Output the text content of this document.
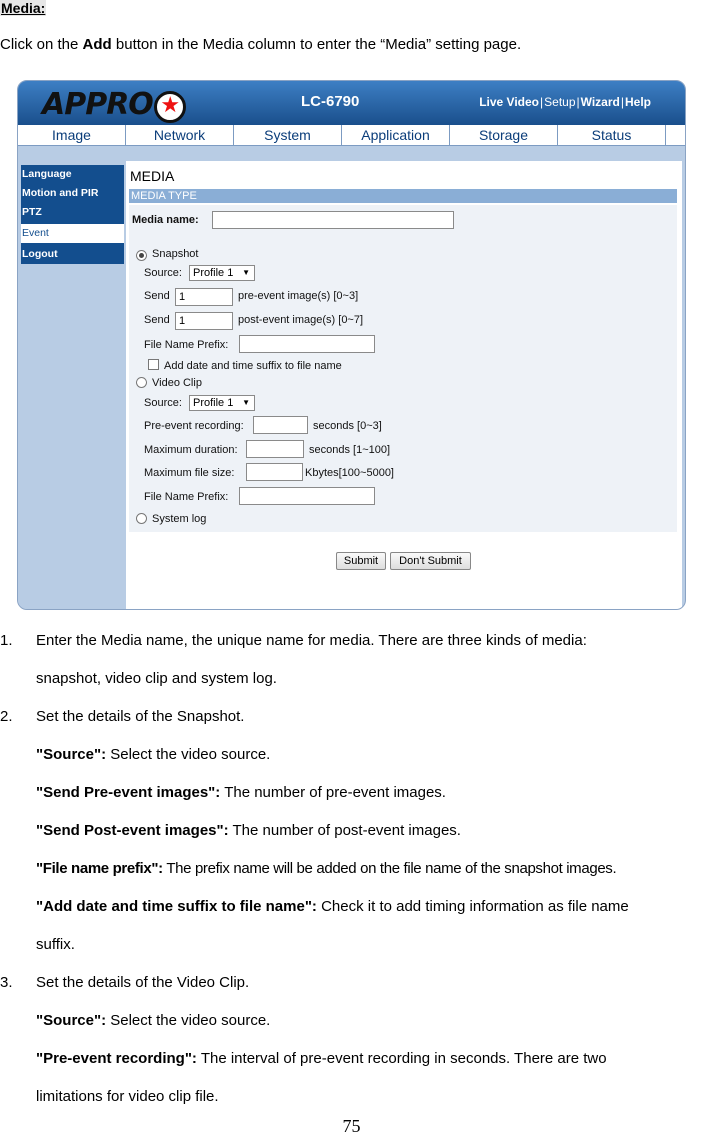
Media:
Click on the Add button in the Media column to enter the “Media” setting page.
APPRO ★	LC-6790	Live Video|Setup|Wizard|Help
Image	Network	System	Application	Storage	Status
Language
Motion and PIR
PTZ
Event
Logout
MEDIA
MEDIA TYPE
Media name:
Snapshot
Source:	Profile 1 ▼
Send 1	pre-event image(s) [0~3]
Send 1	post-event image(s) [0~7]
File Name Prefix:
Add date and time suffix to file name
Video Clip
Source:	Profile 1 ▼
Pre-event recording:	seconds [0~3]
Maximum duration:	seconds [1~100]
Maximum file size:	Kbytes[100~5000]
File Name Prefix:
System log
Submit	Don't Submit
1. Enter the Media name, the unique name for media. There are three kinds of media:
snapshot, video clip and system log.
2. Set the details of the Snapshot.
"Source": Select the video source.
"Send Pre-event images": The number of pre-event images.
"Send Post-event images": The number of post-event images.
"File name prefix": The prefix name will be added on the file name of the snapshot images.
"Add date and time suffix to file name": Check it to add timing information as file name
suffix.
3. Set the details of the Video Clip.
"Source": Select the video source.
"Pre-event recording": The interval of pre-event recording in seconds. There are two
limitations for video clip file.
75
